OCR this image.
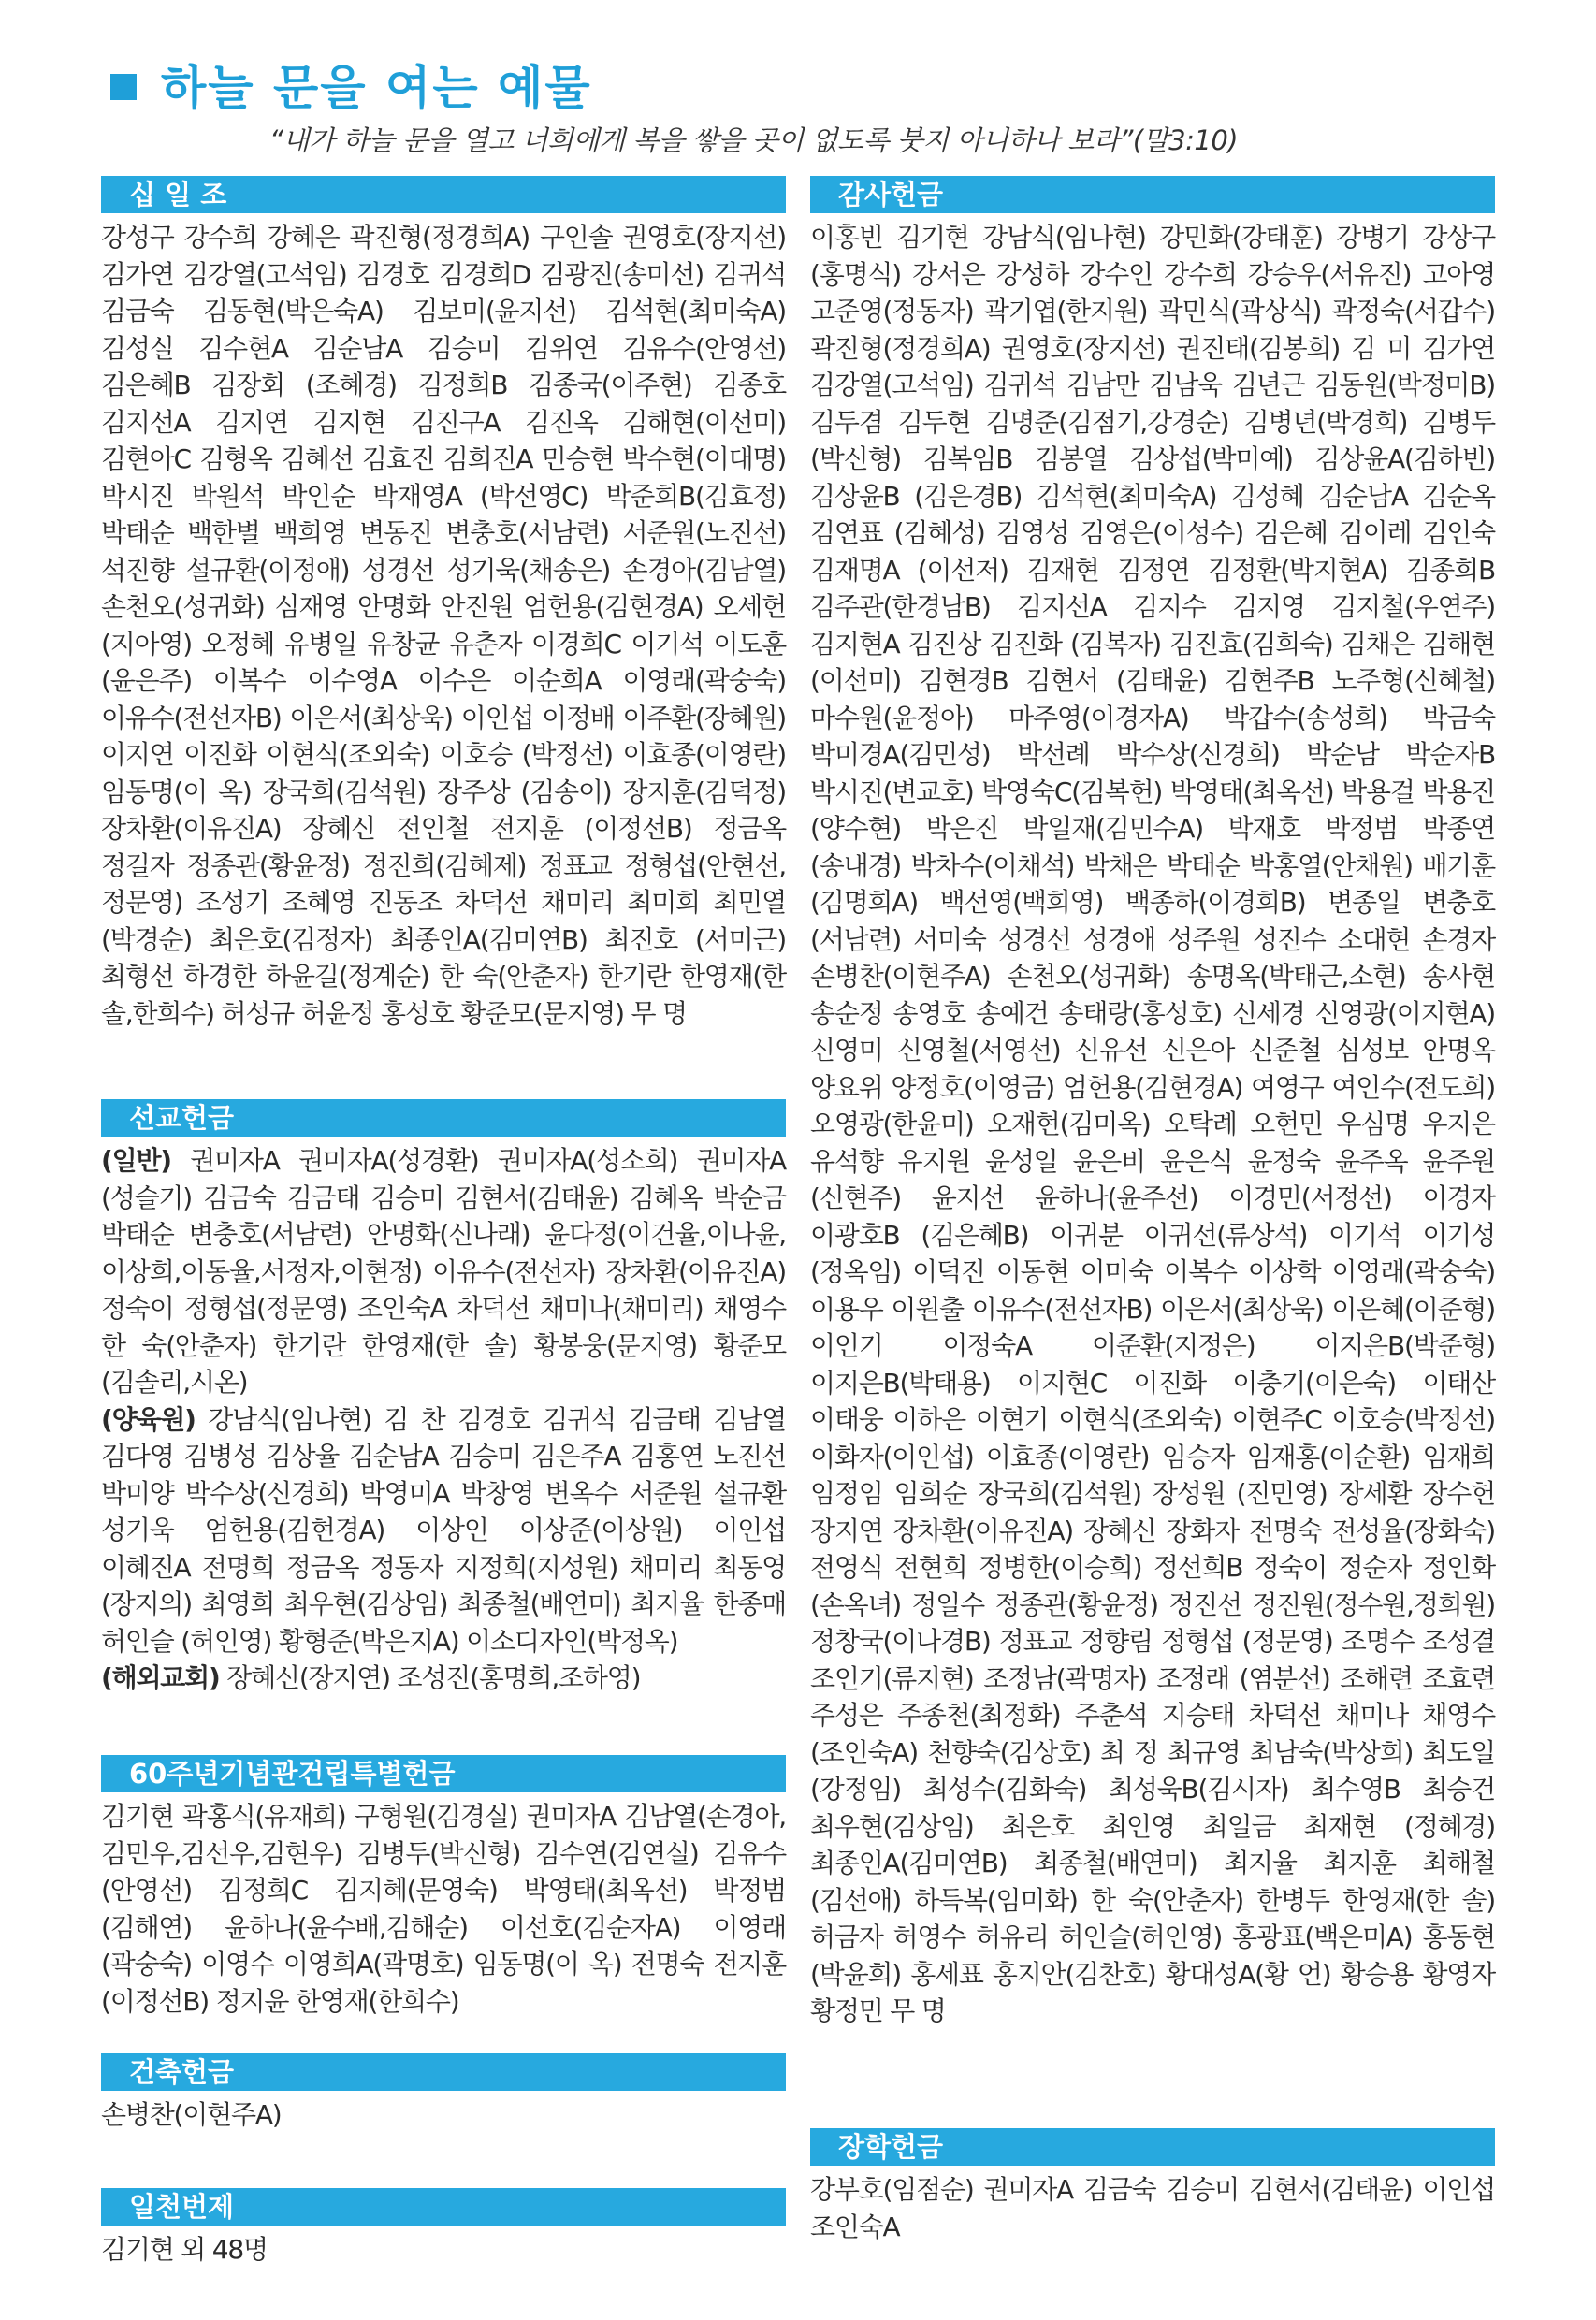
하늘 문을 여는 예물
“내가 하늘 문을 열고 너희에게 복을 쌓을 곳이 없도록 붓지 아니하나 보라”(말3:10)
십 일 조
강성구 강수희 강혜은 곽진형(정경희A) 구인솔 권영호(장지선) 김가연 김강열(고석임) 김경호 김경희D 김광진(송미선) 김귀석 김금숙 김동현(박은숙A) 김보미(윤지선) 김석현(최미숙A) 김성실 김수현A 김순남A 김승미 김위연 김유수(안영선) 김은혜B 김장회 (조혜경) 김정희B 김종국(이주현) 김종호 김지선A 김지연 김지현 김진구A 김진옥 김해현(이선미) 김현아C 김형옥 김혜선 김효진 김희진A 민승현 박수현(이대명) 박시진 박원석 박인순 박재영A (박선영C) 박준희B(김효정) 박태순 백한별 백희영 변동진 변충호(서남련) 서준원(노진선) 석진향 설규환(이정애) 성경선 성기욱(채송은) 손경아(김남열) 손천오(성귀화) 심재영 안명화 안진원 엄헌용(김현경A) 오세헌(지아영) 오정혜 유병일 유창균 유춘자 이경희C 이기석 이도훈(윤은주) 이복수 이수영A 이수은 이순희A 이영래(곽숭숙) 이유수(전선자B) 이은서(최상욱) 이인섭 이정배 이주환(장혜원) 이지연 이진화 이현식(조외숙) 이호승 (박정선) 이효종(이영란) 임동명(이 옥) 장국희(김석원) 장주상 (김송이) 장지훈(김덕정) 장차환(이유진A) 장혜신 전인철 전지훈 (이정선B) 정금옥 정길자 정종관(황윤정) 정진희(김혜제) 정표교 정형섭(안현선,정문영) 조성기 조혜영 진동조 차덕선 채미리 최미희 최민열(박경순) 최은호(김정자) 최종인A(김미연B) 최진호 (서미근) 최형선 하경한 하윤길(정계순) 한 숙(안춘자) 한기란 한영재(한 솔,한희수) 허성규 허윤정 홍성호 황준모(문지영) 무 명
선교헌금

(일반) 권미자A 권미자A(성경환) 권미자A(성소희) 권미자A (성슬기) 김금숙 김금태 김승미 김현서(김태윤) 김혜옥 박순금 박태순 변충호(서남련) 안명화(신나래) 윤다정(이건율,이나윤, 이상희,이동율,서정자,이현정) 이유수(전선자) 장차환(이유진A) 정숙이 정형섭(정문영) 조인숙A 차덕선 채미나(채미리) 채영수 한 숙(안춘자) 한기란 한영재(한 솔) 황봉웅(문지영) 황준모 (김솔리,시온)

(양육원) 강남식(임나현) 김 찬 김경호 김귀석 김금태 김남열 김다영 김병성 김상율 김순남A 김승미 김은주A 김홍연 노진선 박미양 박수상(신경희) 박영미A 박창영 변옥수 서준원 설규환 성기욱 엄헌용(김현경A) 이상인 이상준(이상원) 이인섭 이혜진A 전명희 정금옥 정동자 지정희(지성원) 채미리 최동영(장지의) 최영희 최우현(김상임) 최종철(배연미) 최지율 한종매 허인슬 (허인영) 황형준(박은지A) 이소디자인(박정옥)

(해외교회) 장혜신(장지연) 조성진(홍명희,조하영)

60주년기념관건립특별헌금
김기현 곽홍식(유재희) 구형원(김경실) 권미자A 김남열(손경아, 김민우,김선우,김현우) 김병두(박신형) 김수연(김연실) 김유수 (안영선) 김정희C 김지혜(문영숙) 박영태(최옥선) 박정범(김해연) 윤하나(윤수배,김해순) 이선호(김순자A) 이영래(곽숭숙) 이영수 이영희A(곽명호) 임동명(이 옥) 전명숙 전지훈(이정선B) 정지윤 한영재(한희수)
건축헌금
손병찬(이현주A)
일천번제
김기현 외 48명
감사헌금
이홍빈 김기현 강남식(임나현) 강민화(강태훈) 강병기 강상구 (홍명식) 강서은 강성하 강수인 강수희 강승우(서유진) 고아영 고준영(정동자) 곽기엽(한지원) 곽민식(곽상식) 곽정숙(서갑수) 곽진형(정경희A) 권영호(장지선) 권진태(김봉희) 김 미 김가연 김강열(고석임) 김귀석 김남만 김남욱 김년근 김동원(박정미B) 김두겸 김두현 김명준(김점기,강경순) 김병년(박경희) 김병두 (박신형) 김복임B 김봉열 김상섭(박미예) 김상윤A(김하빈) 김상윤B (김은경B) 김석현(최미숙A) 김성혜 김순남A 김순옥 김연표 (김혜성) 김영성 김영은(이성수) 김은혜 김이레 김인숙 김재명A (이선저) 김재현 김정연 김정환(박지현A) 김종희B 김주관(한경남B) 김지선A 김지수 김지영 김지철(우연주) 김지현A 김진상 김진화 (김복자) 김진효(김희숙) 김채은 김해현(이선미) 김현경B 김현서 (김태윤) 김현주B 노주형(신혜철) 마수원(윤정아) 마주영(이경자A) 박갑수(송성희) 박금숙 박미경A(김민성) 박선례 박수상(신경희) 박순남 박순자B 박시진(변교호) 박영숙C(김복헌) 박영태(최옥선) 박용걸 박용진(양수현) 박은진 박일재(김민수A) 박재호 박정범 박종연(송내경) 박차수(이채석) 박채은 박태순 박홍열(안채원) 배기훈(김명희A) 백선영(백희영) 백종하(이경희B) 변종일 변충호 (서남련) 서미숙 성경선 성경애 성주원 성진수 소대현 손경자 손병찬(이현주A) 손천오(성귀화) 송명옥(박태근,소현) 송사현 송순정 송영호 송예건 송태랑(홍성호) 신세경 신영광(이지현A) 신영미 신영철(서영선) 신유선 신은아 신준철 심성보 안명옥 양요위 양정호(이영금) 엄헌용(김현경A) 여영구 여인수(전도희) 오영광(한윤미) 오재현(김미옥) 오탁례 오현민 우심명 우지은 유석향 유지원 윤성일 윤은비 윤은식 윤정숙 윤주옥 윤주원 (신현주) 윤지선 윤하나(윤주선) 이경민(서정선) 이경자 이광호B (김은혜B) 이귀분 이귀선(류상석) 이기석 이기성(정옥임) 이덕진 이동현 이미숙 이복수 이상학 이영래(곽숭숙) 이용우 이원출 이유수(전선자B) 이은서(최상욱) 이은혜(이준형) 이인기 이정숙A 이준환(지정은) 이지은B(박준형) 이지은B(박태용) 이지현C 이진화 이충기(이은숙) 이태산 이태웅 이하은 이현기 이현식(조외숙) 이현주C 이호승(박정선) 이화자(이인섭) 이효종(이영란) 임승자 임재홍(이순환) 임재희 임정임 임희순 장국희(김석원) 장성원 (진민영) 장세환 장수헌 장지연 장차환(이유진A) 장혜신 장화자 전명숙 전성율(장화숙) 전영식 전현희 정병한(이승희) 정선희B 정숙이 정순자 정인화(손옥녀) 정일수 정종관(황윤정) 정진선 정진원(정수원,정희원) 정창국(이나경B) 정표교 정향림 정형섭 (정문영) 조명수 조성결 조인기(류지현) 조정남(곽명자) 조정래 (염분선) 조해련 조효련 주성은 주종천(최정화) 주춘석 지승태 차덕선 채미나 채영수(조인숙A) 천향숙(김상호) 최 정 최규영 최남숙(박상희) 최도일(강정임) 최성수(김화숙) 최성욱B(김시자) 최수영B 최승건 최우현(김상임) 최은호 최인영 최일금 최재현 (정혜경) 최종인A(김미연B) 최종철(배연미) 최지율 최지훈 최해철 (김선애) 하득복(임미화) 한 숙(안춘자) 한병두 한영재(한 솔) 허금자 허영수 허유리 허인슬(허인영) 홍광표(백은미A) 홍동현 (박윤희) 홍세표 홍지안(김찬호) 황대성A(황 언) 황승용 황영자 황정민 무 명
장학헌금
강부호(임점순) 권미자A 김금숙 김승미 김현서(김태윤) 이인섭 조인숙A
